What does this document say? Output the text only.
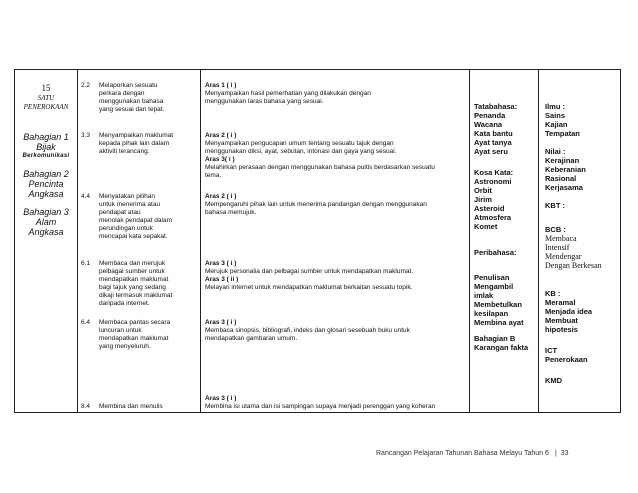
15
SATU
PENEROKAAN
Bahagian 1
Bijak
Berkomunikasi
Bahagian 2
Pencinta
Angkasa
Bahagian 3
Alam
Angkasa
2.2 Melaporkan sesuatu
perkara dengan
menggunakan bahasa
yang sesuai dan tepat.
3.3 Menyampaikan maklumat
kepada pihak lain dalam
aktiviti terancang.
4.4 Menyatakan pilihan
untuk menerima atau
pendapat atau
menolak pendapat dalam
perundingan untuk
mencapai kata sepakat.
6.1 Membaca dan merujuk
pelbagai sumber untuk
mendapatkan maklumat
bagi tajuk yang sedang
dikaji termasuk maklumat
daripada internet.
6.4 Membaca pantas secara
luncuran untuk
mendapatkan maklumat
yang menyeluruh.
8.4 Membina dan menulis
Aras 1 ( i )
Menyampaikan hasil pemerhatian yang dilakukan dengan
menggunakan laras bahasa yang sesuai.
Aras 2 ( i )
Menyampaikan pengucapan umum tentang sesuatu tajuk dengan
menggunakan diksi, ayat, sebutan, intonasi dan gaya yang sesuai.
Aras 3( i )
Melahirkan perasaan dengan menggunakan bahasa puitis berdasarkan sesuatu
tema.
Aras 2 ( i )
Mempengaruhi pihak lain untuk menerima pandangan dengan menggunakan
bahasa memujuk.
Aras 3 ( i )
Merujuk personalia dan pelbagai sumber untuk mendapatkan maklumat.
Aras 3 ( ii )
Melayari internet untuk mendapatkan maklumat berkaitan sesuatu topik.
Aras 3 ( i )
Membaca sinopsis, bibliografi, indeks dan glosari sesebuah buku untuk
mendapatkan gambaran umum.
Aras 3 ( i )
Membina isi utama dan isi sampingan supaya menjadi perenggan yang koheran
Tatabahasa:
Penanda
Wacana
Kata bantu
Ayat tanya
Ayat seru
Kosa Kata:
Astronomi
Orbit
Jirim
Asteroid
Atmosfera
Komet
Peribahasa:
Penulisan
Mengambil
imlak
Membetulkan
kesilapan
Membina ayat
Bahagian B
Karangan fakta
Ilmu :
Sains
Kajian
Tempatan
Nilai :
Kerajinan
Keberanian
Rasional
Kerjasama
KBT :
BCB :
Membaca
Intensif
Mendengar
Dengan Berkesan
KB :
Meramal
Menjada idea
Membuat
hipotesis
ICT
Penerokaan
KMD
Rancangan Pelajaran Tahunan Bahasa Melayu Tahun 6 | 33
